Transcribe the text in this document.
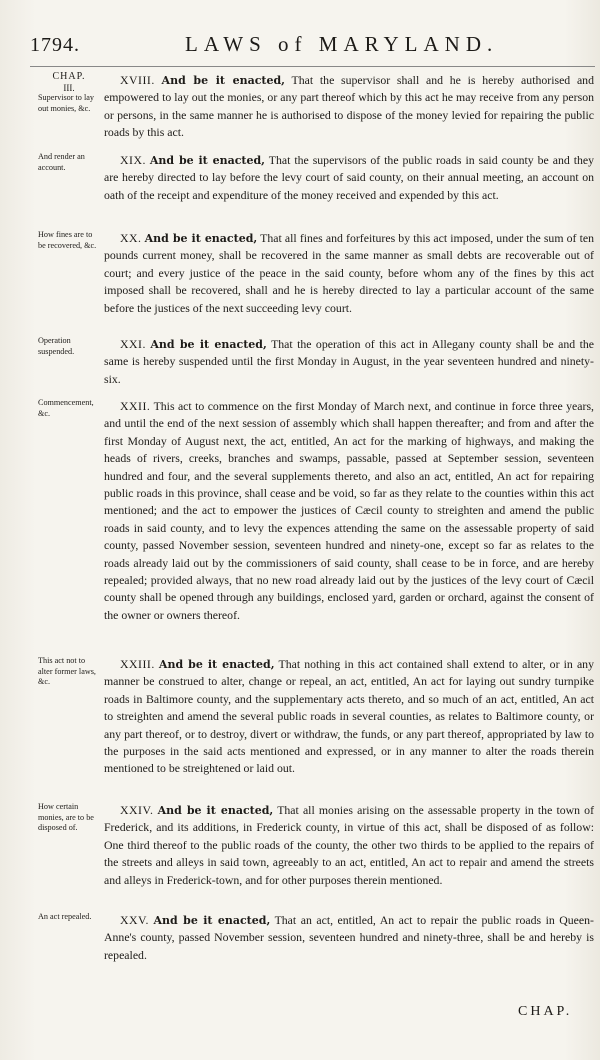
1794.	LAWS of MARYLAND.
CHAP.
III.
Supervisor to lay out monies, &c.
XVIII. And be it enacted, That the supervisor shall and he is hereby authorised and empowered to lay out the monies, or any part thereof which by this act he may receive from any person or persons, in the same manner he is authorised to dispose of the money levied for repairing the public roads by this act.
And render an account.	XIX. And be it enacted, That the supervisors of the public roads in said county be and they are hereby directed to lay before the levy court of said county, on their annual meeting, an account on oath of the receipt and expenditure of the money received and expended by this act.
How fines are to be recovered, &c.	XX. And be it enacted, That all fines and forfeitures by this act imposed, under the sum of ten pounds current money, shall be recovered in the same manner as small debts are recoverable out of court; and every justice of the peace in the said county, before whom any of the fines by this act imposed shall be recovered, shall and he is hereby directed to lay a particular account of the same before the justices of the next succeeding levy court.
Operation suspended.	XXI. And be it enacted, That the operation of this act in Allegany county shall be and the same is hereby suspended until the first Monday in August, in the year seventeen hundred and ninety-six.
Commencement, &c.	XXII. This act to commence on the first Monday of March next, and continue in force three years, and until the end of the next session of assembly which shall happen thereafter; and from and after the first Monday of August next, the act, entitled, An act for the marking of highways, and making the heads of rivers, creeks, branches and swamps, passable, passed at September session, seventeen hundred and four, and the several supplements thereto, and also an act, entitled, An act for repairing public roads in this province, shall cease and be void, so far as they relate to the counties within this act mentioned; and the act to empower the justices of Cæcil county to streighten and amend the public roads in said county, and to levy the expences attending the same on the assessable property of said county, passed November session, seventeen hundred and ninety-one, except so far as relates to the roads already laid out by the commissioners of said county, shall cease to be in force, and are hereby repealed; provided always, that no new road already laid out by the justices of the levy court of Cæcil county shall be opened through any buildings, enclosed yard, garden or orchard, against the consent of the owner or owners thereof.
This act not to alter former laws, &c.
XXIII. And be it enacted, That nothing in this act contained shall extend to alter, or in any manner be construed to alter, change or repeal, an act, entitled, An act for laying out sundry turnpike roads in Baltimore county, and the supplementary acts thereto, and so much of an act, entitled, An act to streighten and amend the several public roads in several counties, as relates to Baltimore county, or any part thereof, or to destroy, divert or withdraw, the funds, or any part thereof, appropriated by law to the purposes in the said acts mentioned and expressed, or in any manner to alter the roads therein mentioned to be streightened or laid out.
How certain monies, are to be disposed of.
XXIV. And be it enacted, That all monies arising on the assessable property in the town of Frederick, and its additions, in Frederick county, in virtue of this act, shall be disposed of as follow: One third thereof to the public roads of the county, the other two thirds to be applied to the repairs of the streets and alleys in said town, agreeably to an act, entitled, An act to repair and amend the streets and alleys in Frederick-town, and for other purposes therein mentioned.
An act repealed.	XXV. And be it enacted, That an act, entitled, An act to repair the public roads in Queen-Anne's county, passed November session, seventeen hundred and ninety-three, shall be and hereby is repealed.
CHAP.
